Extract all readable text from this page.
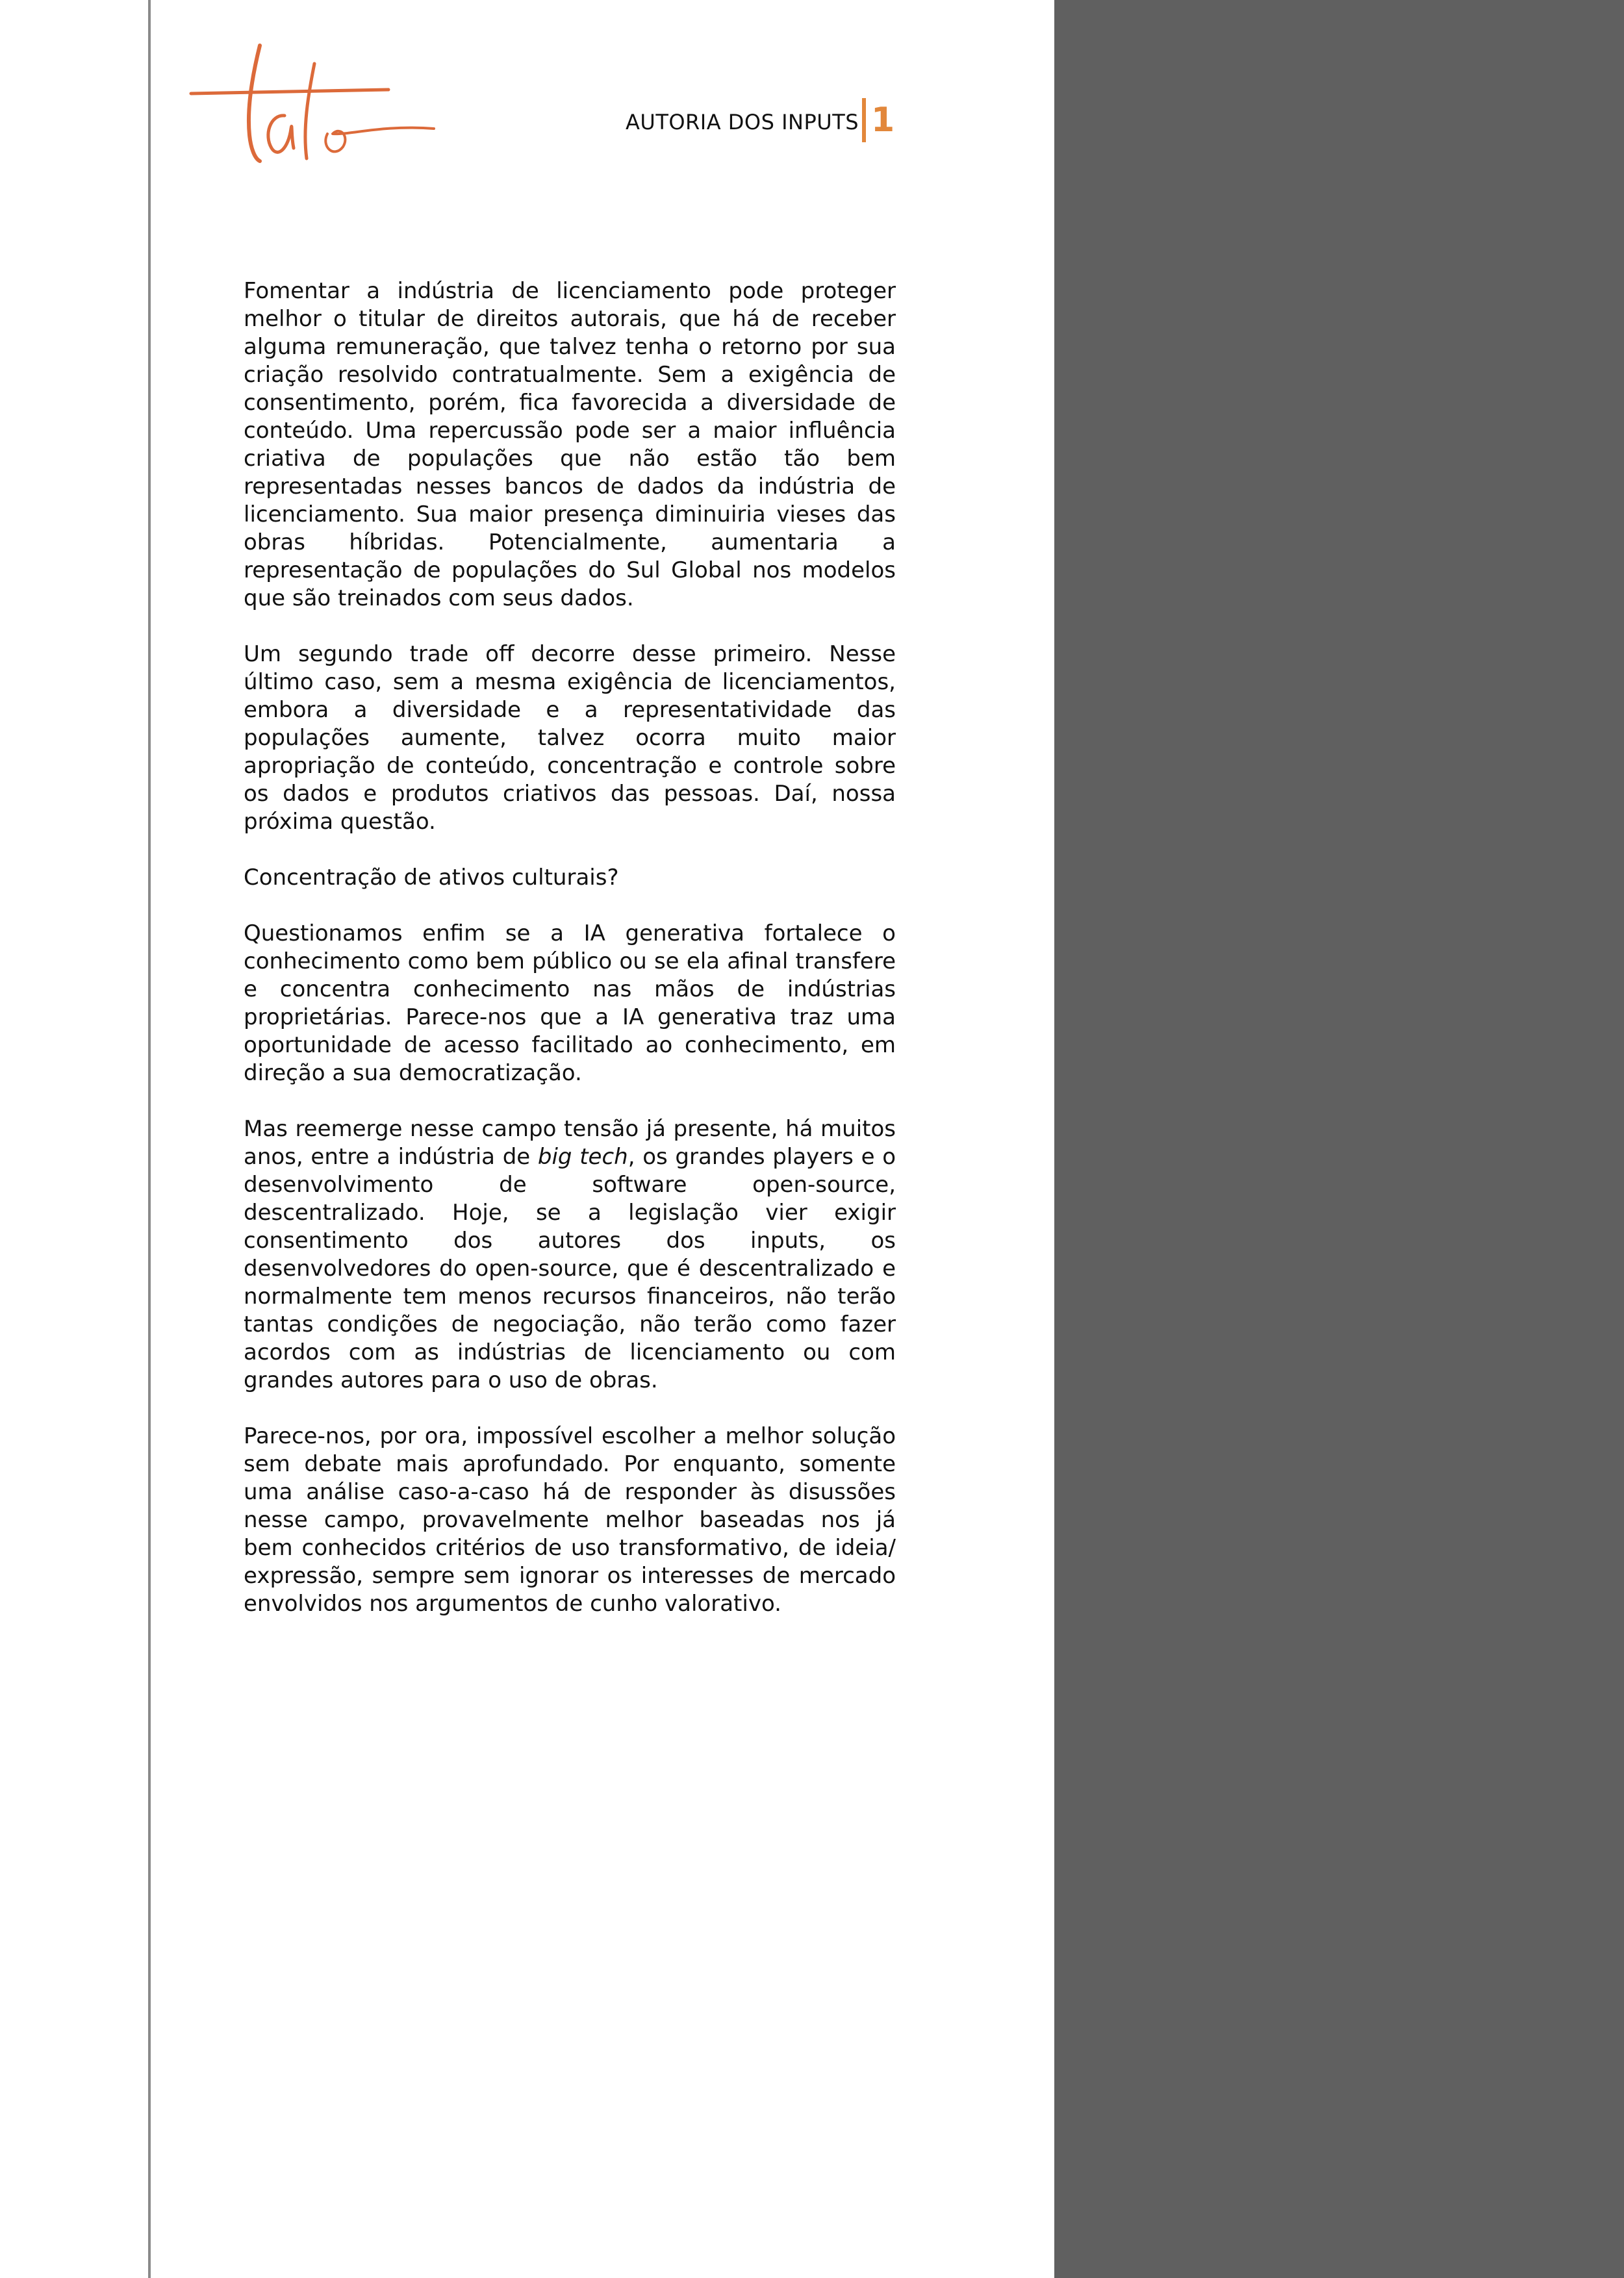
AUTORIA DOS INPUTS 1

Fomentar a indústria de licenciamento pode proteger melhor o titular de direitos autorais, que há de receber alguma remuneração, que talvez tenha o retorno por sua criação resolvido contratualmente. Sem a exigência de consentimento, porém, fica favorecida a diversidade de conteúdo. Uma repercussão pode ser a maior influência criativa de populações que não estão tão bem representadas nesses bancos de dados da indústria de licenciamento. Sua maior presença diminuiria vieses das obras híbridas. Potencialmente, aumentaria a representação de populações do Sul Global nos modelos que são treinados com seus dados.

Um segundo trade off decorre desse primeiro. Nesse último caso, sem a mesma exigência de licenciamentos, embora a diversidade e a representatividade das populações aumente, talvez ocorra muito maior apropriação de conteúdo, concentração e controle sobre os dados e produtos criativos das pessoas. Daí, nossa próxima questão.

Concentração de ativos culturais?

Questionamos enfim se a IA generativa fortalece o conhecimento como bem público ou se ela afinal transfere e concentra conhecimento nas mãos de indústrias proprietárias. Parece-nos que a IA generativa traz uma oportunidade de acesso facilitado ao conhecimento, em direção a sua democratização.

Mas reemerge nesse campo tensão já presente, há muitos anos, entre a indústria de big tech, os grandes players e o desenvolvimento de software open-source, descentralizado. Hoje, se a legislação vier exigir consentimento dos autores dos inputs, os desenvolvedores do open-source, que é descentralizado e normalmente tem menos recursos financeiros, não terão tantas condições de negociação, não terão como fazer acordos com as indústrias de licenciamento ou com grandes autores para o uso de obras.

Parece-nos, por ora, impossível escolher a melhor solução sem debate mais aprofundado. Por enquanto, somente uma análise caso-a-caso há de responder às disussões nesse campo, provavelmente melhor baseadas nos já bem conhecidos critérios de uso transformativo, de ideia/ expressão, sempre sem ignorar os interesses de mercado envolvidos nos argumentos de cunho valorativo.
